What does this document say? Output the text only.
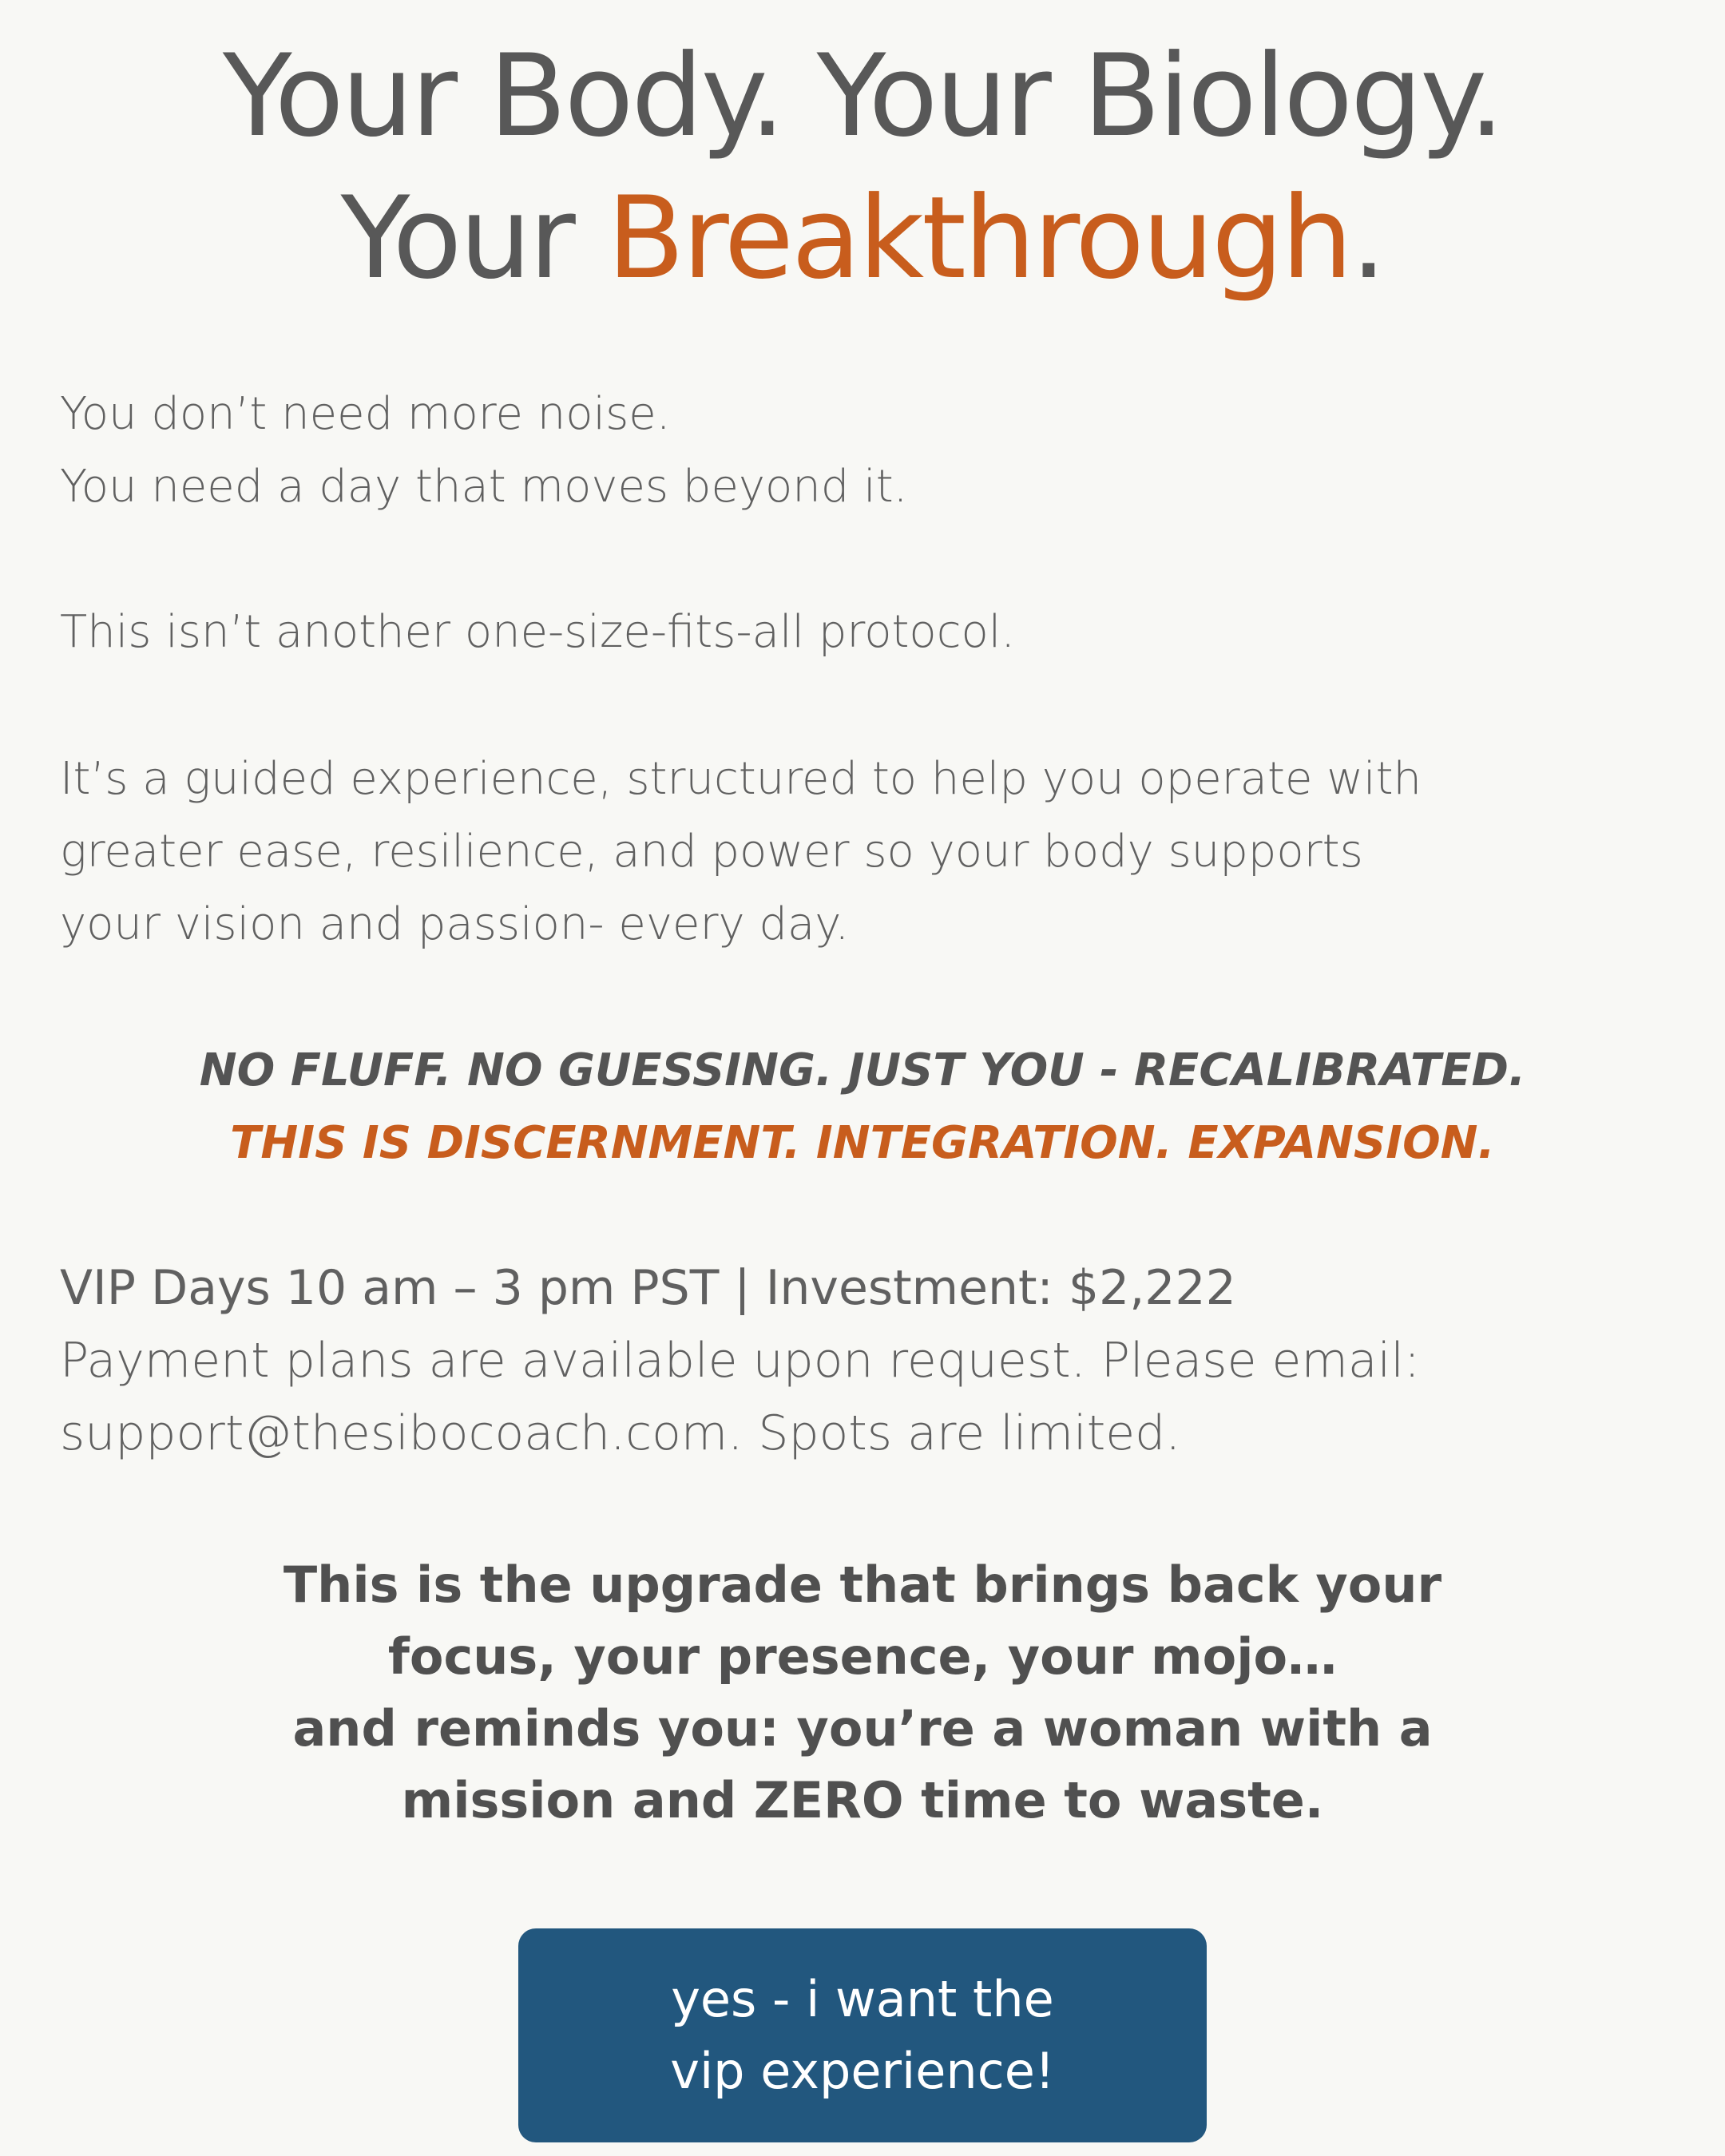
Your Body. Your Biology.
Your Breakthrough.

You don’t need more noise.
You need a day that moves beyond it.

This isn’t another one-size-fits-all protocol.

It’s a guided experience, structured to help you operate with
greater ease, resilience, and power so your body supports
your vision and passion- every day.

NO FLUFF. NO GUESSING. JUST YOU - RECALIBRATED.

THIS IS DISCERNMENT. INTEGRATION. EXPANSION.

VIP Days 10 am – 3 pm PST | Investment: $2,222
Payment plans are available upon request. Please email:
support@thesibocoach.com. Spots are limited.

This is the upgrade that brings back your
focus, your presence, your mojo…
and reminds you: you’re a woman with a
mission and ZERO time to waste.

yes - i want the
vip experience!
